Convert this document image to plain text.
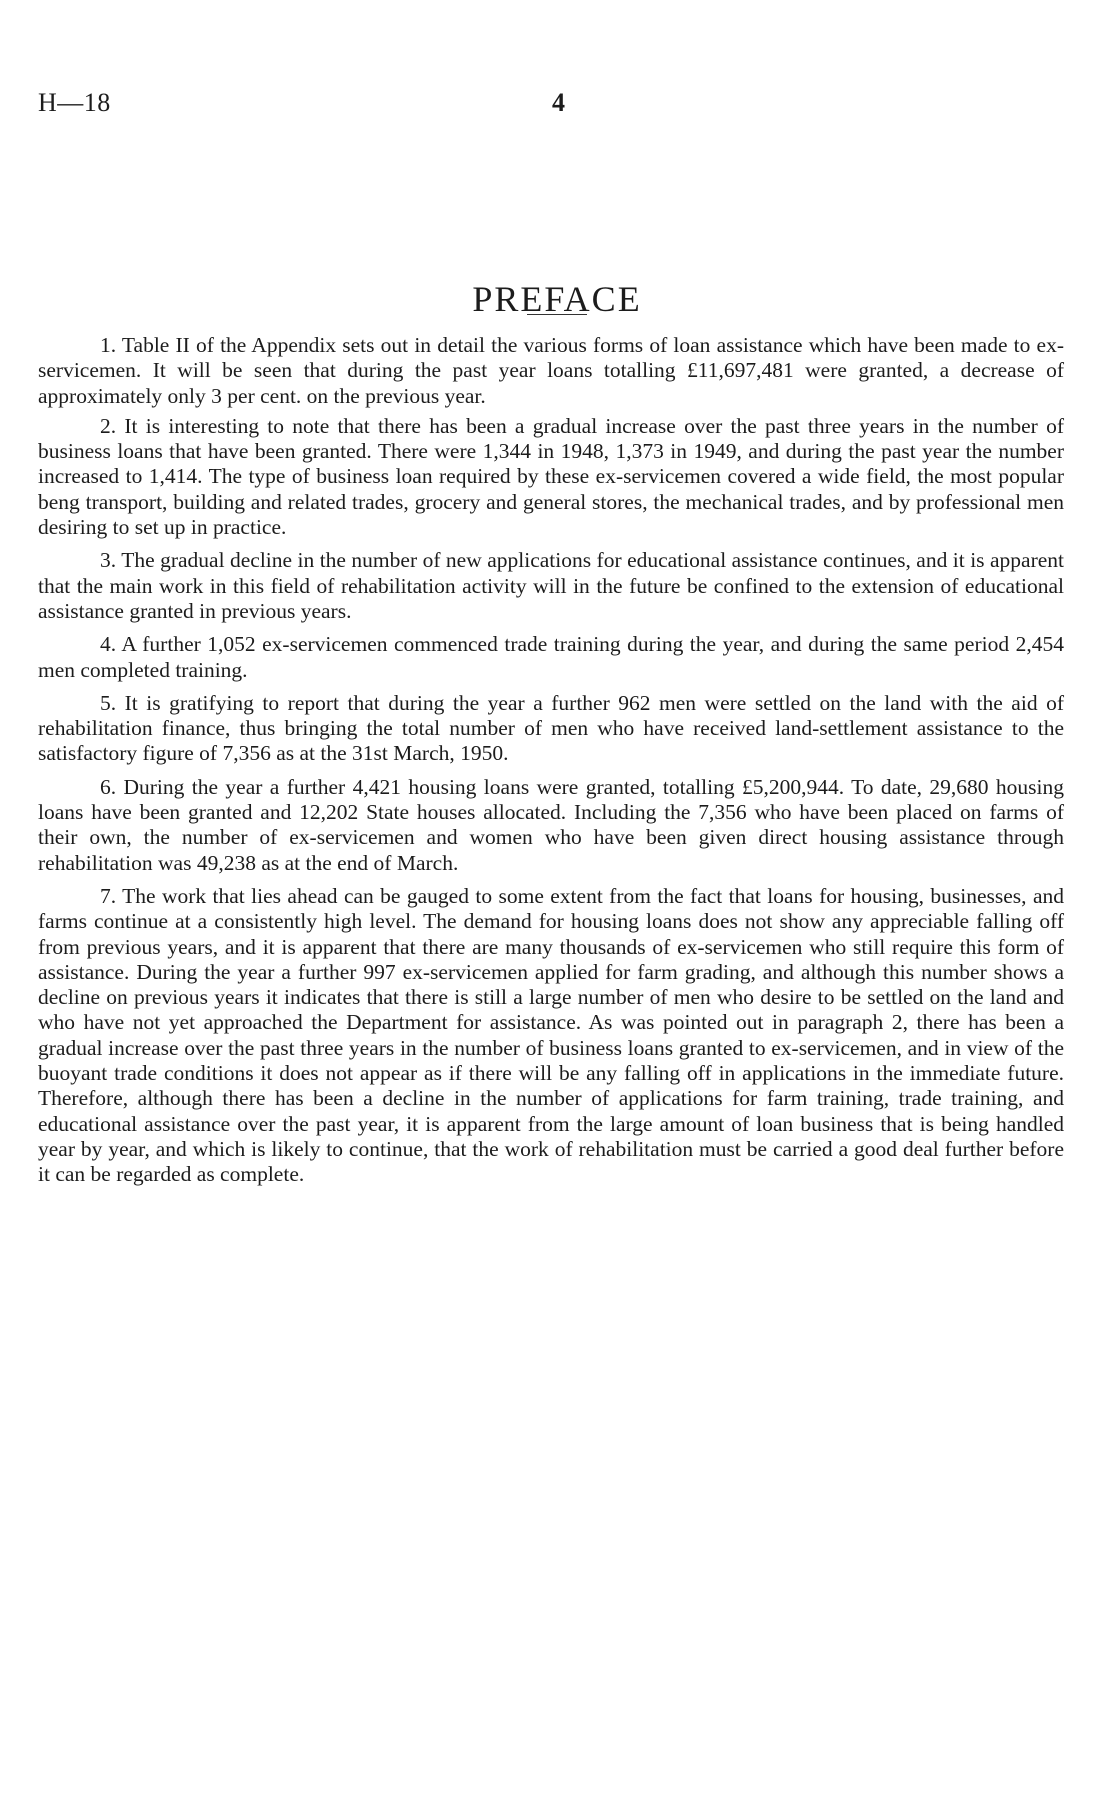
H—18	4
PREFACE

1. Table II of the Appendix sets out in detail the various forms of loan assistance which have been made to ex-servicemen. It will be seen that during the past year loans totalling £11,697,481 were granted, a decrease of approximately only 3 per cent. on the previous year.

2. It is interesting to note that there has been a gradual increase over the past three years in the number of business loans that have been granted. There were 1,344 in 1948, 1,373 in 1949, and during the past year the number increased to 1,414. The type of business loan required by these ex-servicemen covered a wide field, the most popular beng transport, building and related trades, grocery and general stores, the mechanical trades, and by professional men desiring to set up in practice.

3. The gradual decline in the number of new applications for educational assistance continues, and it is apparent that the main work in this field of rehabilitation activity will in the future be confined to the extension of educational assistance granted in previous years.

4. A further 1,052 ex-servicemen commenced trade training during the year, and during the same period 2,454 men completed training.

5. It is gratifying to report that during the year a further 962 men were settled on the land with the aid of rehabilitation finance, thus bringing the total number of men who have received land-settlement assistance to the satisfactory figure of 7,356 as at the 31st March, 1950.

6. During the year a further 4,421 housing loans were granted, totalling £5,200,944. To date, 29,680 housing loans have been granted and 12,202 State houses allocated. Including the 7,356 who have been placed on farms of their own, the number of ex-servicemen and women who have been given direct housing assistance through rehabilitation was 49,238 as at the end of March.

7. The work that lies ahead can be gauged to some extent from the fact that loans for housing, businesses, and farms continue at a consistently high level. The demand for housing loans does not show any appreciable falling off from previous years, and it is apparent that there are many thousands of ex-servicemen who still require this form of assistance. During the year a further 997 ex-servicemen applied for farm grading, and although this number shows a decline on previous years it indicates that there is still a large number of men who desire to be settled on the land and who have not yet approached the Department for assistance. As was pointed out in paragraph 2, there has been a gradual increase over the past three years in the number of business loans granted to ex-servicemen, and in view of the buoyant trade conditions it does not appear as if there will be any falling off in applications in the immediate future. Therefore, although there has been a decline in the number of applications for farm training, trade training, and educational assistance over the past year, it is apparent from the large amount of loan business that is being handled year by year, and which is likely to continue, that the work of rehabilitation must be carried a good deal further before it can be regarded as complete.
